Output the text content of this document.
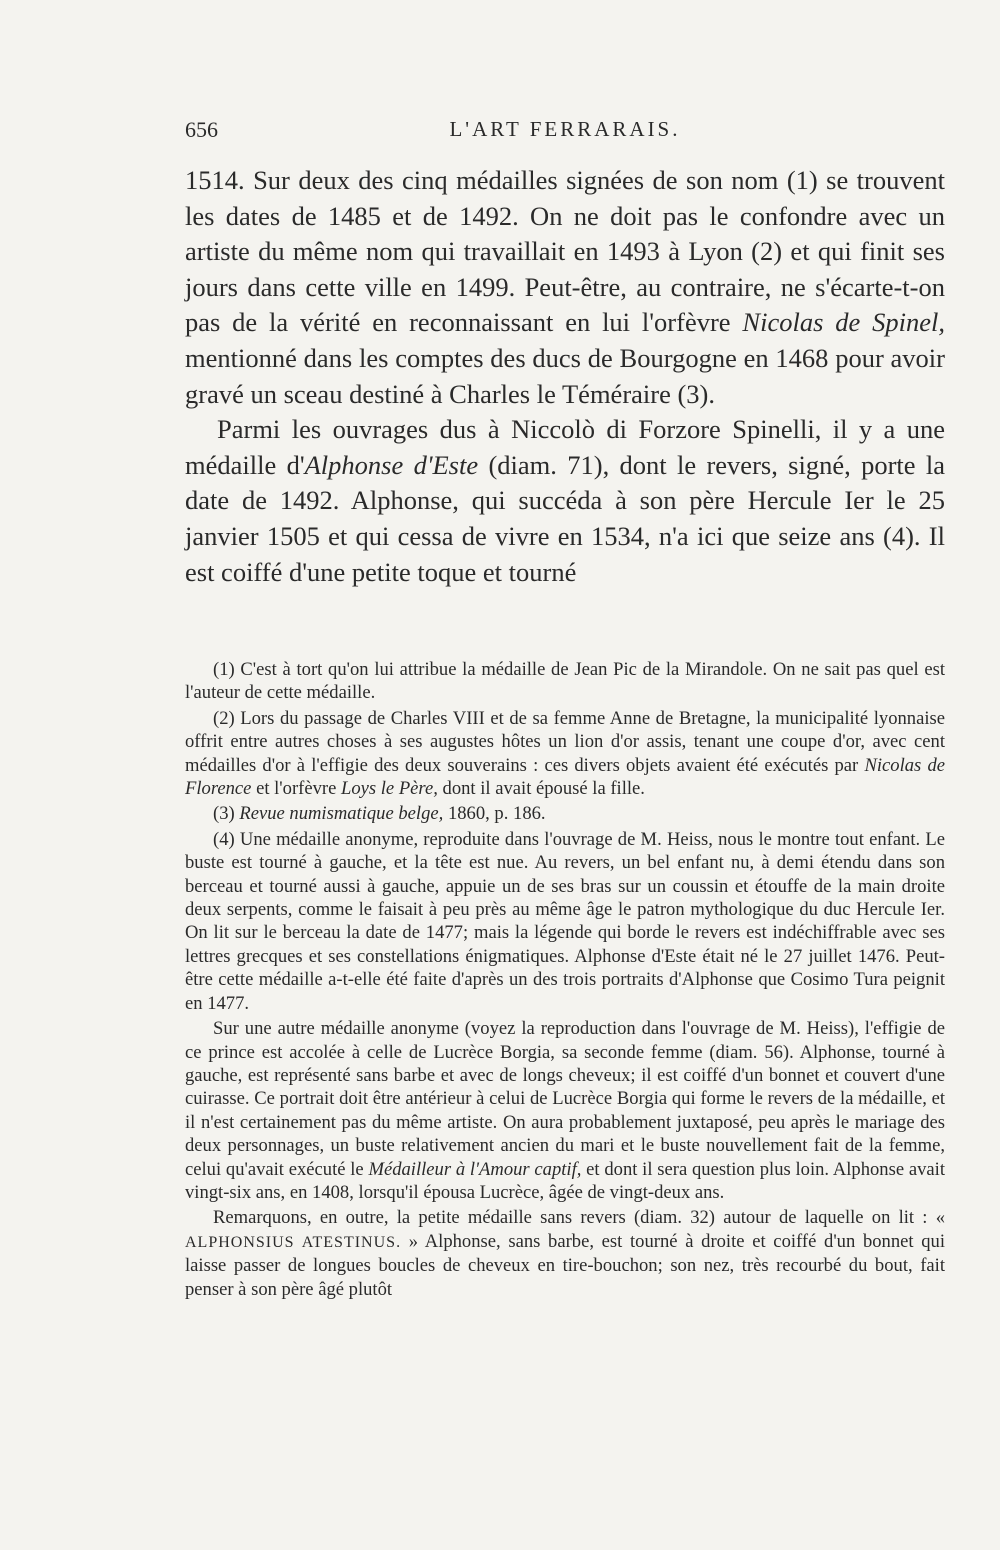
656	L'ART FERRARAIS.

1514. Sur deux des cinq médailles signées de son nom (1) se trouvent les dates de 1485 et de 1492. On ne doit pas le confondre avec un artiste du même nom qui travaillait en 1493 à Lyon (2) et qui finit ses jours dans cette ville en 1499. Peut-être, au contraire, ne s'écarte-t-on pas de la vérité en reconnaissant en lui l'orfèvre Nicolas de Spinel, mentionné dans les comptes des ducs de Bourgogne en 1468 pour avoir gravé un sceau destiné à Charles le Téméraire (3).

Parmi les ouvrages dus à Niccolò di Forzore Spinelli, il y a une médaille d'Alphonse d'Este (diam. 71), dont le revers, signé, porte la date de 1492. Alphonse, qui succéda à son père Hercule Ier le 25 janvier 1505 et qui cessa de vivre en 1534, n'a ici que seize ans (4). Il est coiffé d'une petite toque et tourné

(1) C'est à tort qu'on lui attribue la médaille de Jean Pic de la Mirandole. On ne sait pas quel est l'auteur de cette médaille.

(2) Lors du passage de Charles VIII et de sa femme Anne de Bretagne, la municipalité lyonnaise offrit entre autres choses à ses augustes hôtes un lion d'or assis, tenant une coupe d'or, avec cent médailles d'or à l'effigie des deux souverains : ces divers objets avaient été exécutés par Nicolas de Florence et l'orfèvre Loys le Père, dont il avait épousé la fille.

(3) Revue numismatique belge, 1860, p. 186.

(4) Une médaille anonyme, reproduite dans l'ouvrage de M. Heiss, nous le montre tout enfant. Le buste est tourné à gauche, et la tête est nue. Au revers, un bel enfant nu, à demi étendu dans son berceau et tourné aussi à gauche, appuie un de ses bras sur un coussin et étouffe de la main droite deux serpents, comme le faisait à peu près au même âge le patron mythologique du duc Hercule Ier. On lit sur le berceau la date de 1477; mais la légende qui borde le revers est indéchiffrable avec ses lettres grecques et ses constellations énigmatiques. Alphonse d'Este était né le 27 juillet 1476. Peut-être cette médaille a-t-elle été faite d'après un des trois portraits d'Alphonse que Cosimo Tura peignit en 1477.

Sur une autre médaille anonyme (voyez la reproduction dans l'ouvrage de M. Heiss), l'effigie de ce prince est accolée à celle de Lucrèce Borgia, sa seconde femme (diam. 56). Alphonse, tourné à gauche, est représenté sans barbe et avec de longs cheveux; il est coiffé d'un bonnet et couvert d'une cuirasse. Ce portrait doit être antérieur à celui de Lucrèce Borgia qui forme le revers de la médaille, et il n'est certainement pas du même artiste. On aura probablement juxtaposé, peu après le mariage des deux personnages, un buste relativement ancien du mari et le buste nouvellement fait de la femme, celui qu'avait exécuté le Médailleur à l'Amour captif, et dont il sera question plus loin. Alphonse avait vingt-six ans, en 1408, lorsqu'il épousa Lucrèce, âgée de vingt-deux ans.

Remarquons, en outre, la petite médaille sans revers (diam. 32) autour de laquelle on lit : « ALPHONSIUS ATESTINUS. » Alphonse, sans barbe, est tourné à droite et coiffé d'un bonnet qui laisse passer de longues boucles de cheveux en tire-bouchon; son nez, très recourbé du bout, fait penser à son père âgé plutôt
